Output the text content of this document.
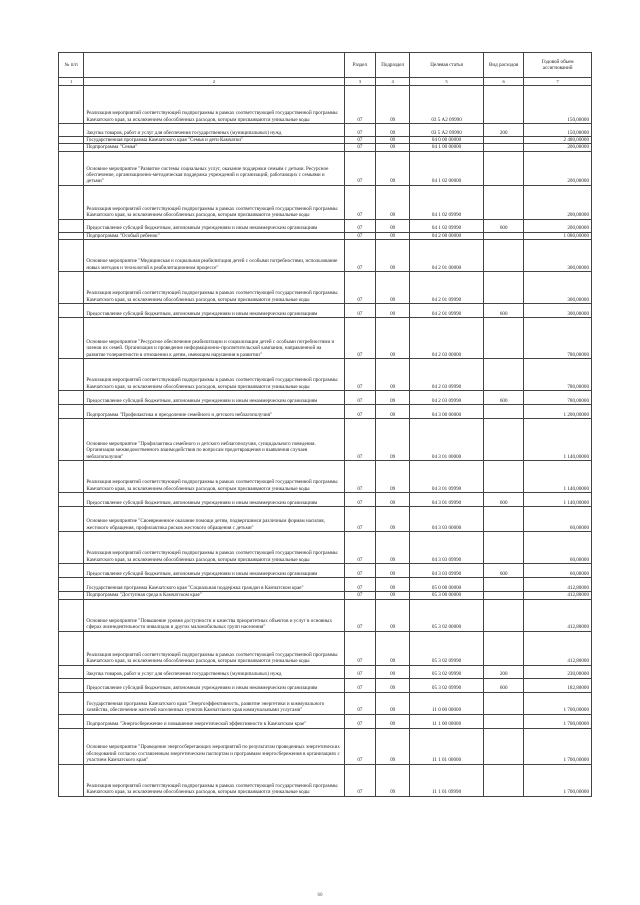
№ п/п		Раздел	Подраздел	Целевая статья	Вид расходов	Годовой объем ассигнований
1	2	3	4	5	6	7
	Реализация мероприятий соответствующей подпрограммы в рамках соответствующей государственной программы Камчатского края, за исключением обособленных расходов, которым присваиваются уникальные коды	07	09	03 5 А2 09990		150,00000
	Закупка товаров, работ и услуг для обеспечения государственных (муниципальных) нужд	07	09	03 5 А2 09990	200	150,00000
	Государственная программа Камчатского края "Семья и дети Камчатки"	07	09	04 0 00 00000		2 480,00000
	Подпрограмма "Семья"	07	09	04 1 00 00000		200,00000
	Основное мероприятие "Развитие системы социальных услуг, оказание поддержки семьям с детьми. Ресурсное обеспечение, организационно-методическая поддержка учреждений и организаций, работающих с семьями и детьми"	07	09	04 1 02 00000		200,00000
	Реализация мероприятий соответствующей подпрограммы в рамках соответствующей государственной программы Камчатского края, за исключением обособленных расходов, которым присваиваются уникальные коды	07	09	04 1 02 09990		200,00000
	Предоставление субсидий бюджетным, автономным учреждениям и иным некоммерческим организациям	07	09	04 1 02 09990	600	200,00000
	Подпрограмма "Особый ребенок"	07	09	04 2 00 00000		1 080,00000
	Основное мероприятие "Медицинская и социальная реабилитация детей с особыми потребностями, использование новых методов и технологий в реабилитационном процессе"	07	09	04 2 01 00000		300,00000
	Реализация мероприятий соответствующей подпрограммы в рамках соответствующей государственной программы Камчатского края, за исключением обособленных расходов, которым присваиваются уникальные коды	07	09	04 2 01 09990		300,00000
	Предоставление субсидий бюджетным, автономным учреждениям и иным некоммерческим организациям	07	09	04 2 01 09990	600	300,00000
	Основное мероприятие "Ресурсное обеспечение реабилитации и социализации детей с особыми потребностями и членов их семей. Организация и проведение информационно-просветительской кампании, направленной на развитие толерантности в отношении к детям, имеющим нарушения в развитии"	07	09	04 2 03 00000		780,00000
	Реализация мероприятий соответствующей подпрограммы в рамках соответствующей государственной программы Камчатского края, за исключением обособленных расходов, которым присваиваются уникальные коды	07	09	04 2 03 09990		780,00000
	Предоставление субсидий бюджетным, автономным учреждениям и иным некоммерческим организациям	07	09	04 2 03 09990	600	780,00000
	Подпрограмма "Профилактика и преодоление семейного и детского неблагополучия"	07	09	04 3 00 00000		1 200,00000
	Основное мероприятие "Профилактика семейного и детского неблагополучия, суицидального поведения. Организация межведомственного взаимодействия по вопросам предотвращения и выявления случаев неблагополучия"	07	09	04 3 01 00000		1 140,00000
	Реализация мероприятий соответствующей подпрограммы в рамках соответствующей государственной программы Камчатского края, за исключением обособленных расходов, которым присваиваются уникальные коды	07	09	04 3 01 09990		1 140,00000
	Предоставление субсидий бюджетным, автономным учреждениям и иным некоммерческим организациям	07	09	04 3 01 09990	600	1 140,00000
	Основное мероприятие "Своевременное оказание помощи детям, подвергшимся различным формам насилия, жестокого обращения, профилактика рисков жестокого обращения с детьми"	07	09	04 3 03 00000		60,00000
	Реализация мероприятий соответствующей подпрограммы в рамках соответствующей государственной программы Камчатского края, за исключением обособленных расходов, которым присваиваются уникальные коды	07	09	04 3 03 09990		60,00000
	Предоставление субсидий бюджетным, автономным учреждениям и иным некоммерческим организациям	07	09	04 3 03 09990	600	60,00000
	Государственная программа Камчатского края "Социальная поддержка граждан в Камчатском крае"	07	09	05 0 00 00000		412,80000
	Подпрограмма "Доступная среда в Камчатском крае"	07	09	05 3 00 00000		412,80000
	Основное мероприятие "Повышение уровня доступности и качества приоритетных объектов и услуг в основных сферах жизнедеятельности инвалидов и других маломобильных групп населения"	07	09	05 3 02 00000		412,80000
	Реализация мероприятий соответствующей подпрограммы в рамках соответствующей государственной программы Камчатского края, за исключением обособленных расходов, которым присваиваются уникальные коды	07	09	05 3 02 09990		412,80000
	Закупка товаров, работ и услуг для обеспечения государственных (муниципальных) нужд	07	09	05 3 02 09990	200	230,00000
	Предоставление субсидий бюджетным, автономным учреждениям и иным некоммерческим организациям	07	09	05 3 02 09990	600	182,80000
	Государственная программа Камчатского края "Энергоэффективность, развитие энергетики и коммунального хозяйства, обеспечение жителей населенных пунктов Камчатского края коммунальными услугами"	07	09	11 0 00 00000		1 700,00000
	Подпрограмма "Энергосбережение и повышение энергетической эффективности в Камчатском крае"	07	09	11 1 00 00000		1 700,00000
	Основное мероприятие "Проведение энергосберегающих мероприятий по результатам проведенных энергетических обследований согласно составленным энергетическим паспортам и программам энергосбережения в организациях с участием Камчатского края"	07	09	11 1 01 00000		1 700,00000
	Реализация мероприятий соответствующей подпрограммы в рамках соответствующей государственной программы Камчатского края, за исключением обособленных расходов, которым присваиваются уникальные коды	07	09	11 1 01 09990		1 700,00000
60
